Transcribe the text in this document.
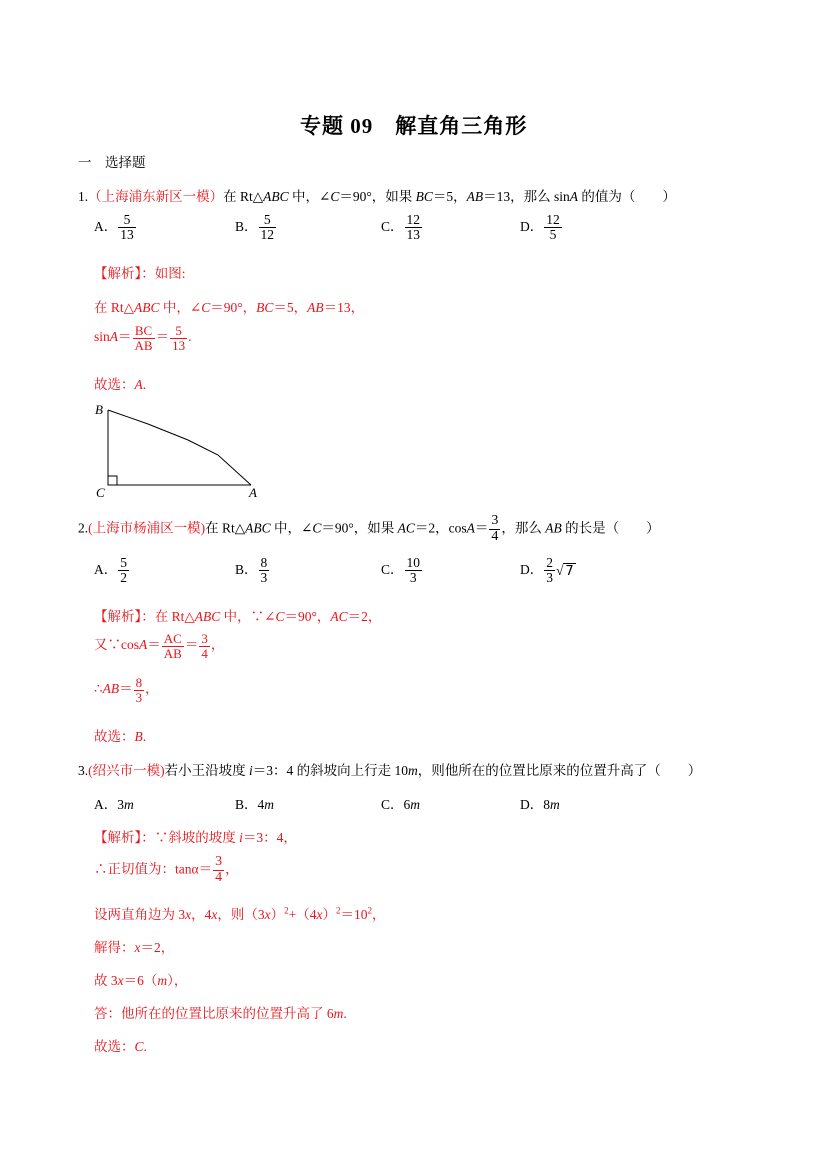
专题 09　解直角三角形
一　选择题
1.（上海浦东新区一模）在 Rt△ABC 中，∠C＝90°，如果 BC＝5，AB＝13，那么 sinA 的值为（　　）
A． $\frac{5}{13}$	B． $\frac{5}{12}$	C． $\frac{12}{13}$	D． $\frac{12}{5}$
【解析】：如图:
在 Rt△ABC 中，∠C＝90°，BC＝5，AB＝13，
$\sin A= \frac{BC}{AB} = \frac{5}{13}$ .
故选：A.
B
C	A
2.(上海市杨浦区一模)在 Rt△ABC 中，∠C＝90°，如果 AC＝2，$\cos A= \frac{3}{4}$ ，那么 AB 的长是（　　）
A． $\frac{5}{2}$	B． $\frac{8}{3}$	C． $\frac{10}{3}$	D． $\frac{2}{3}$ √ 7
【解析】：在 Rt△ABC 中，∵∠C＝90°，AC＝2，
又∵cosA＝ $\frac{AC}{AB} = \frac{3}{4}$ ，
∴AB＝ $\frac{8}{3}$ ，
故选：B.
3.(绍兴市一模)若小王沿坡度 i＝3：4 的斜坡向上行走 10m，则他所在的位置比原来的位置升高了（　　）
A．3m	B．4m	C．6m	D．8m
【解析】：∵斜坡的坡度 i＝3：4，
∴正切值为：$\tan\alpha= \frac{3}{4}$ ，
设两直角边为 3x，4x，则$(3x)^2+(4x)^2=10^2$，
解得：x＝2，
故 3x＝6（m），
答：他所在的位置比原来的位置升高了 6m.
故选：C.
